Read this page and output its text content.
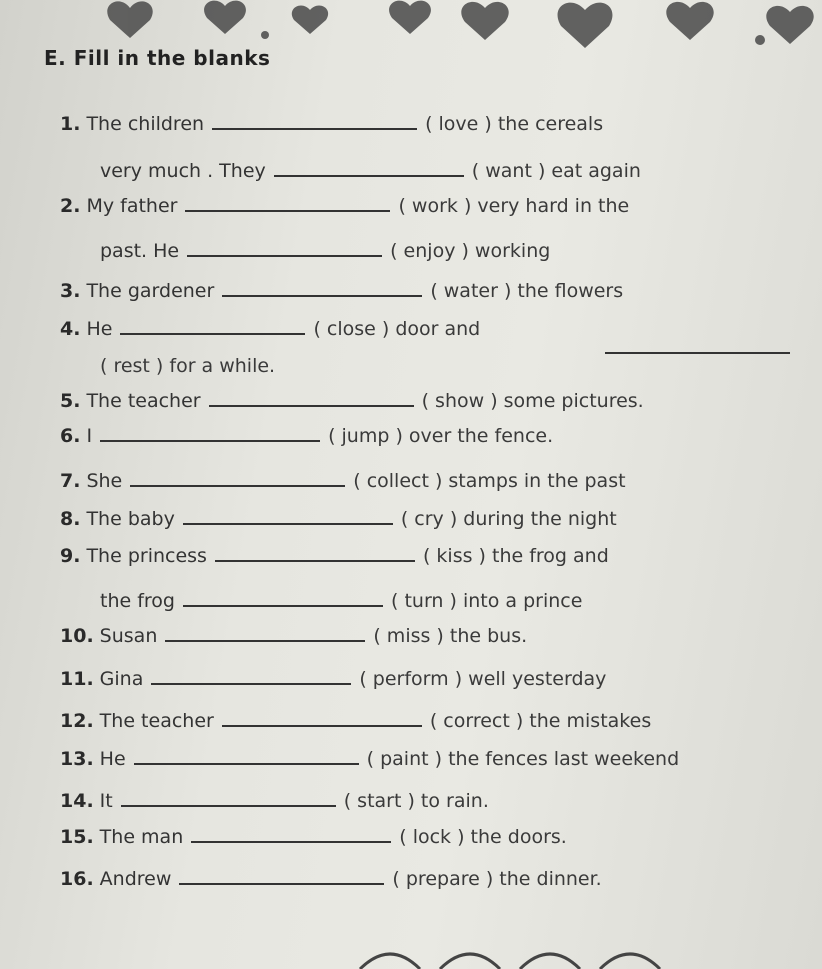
E. Fill in the blanks
1. The children	( love ) the cereals
very much . They	( want ) eat again
2. My father	( work ) very hard in the
past. He	( enjoy ) working
3. The gardener	( water ) the flowers
4. He	( close ) door and
( rest ) for a while.
5. The teacher	( show ) some pictures.
6. I	( jump ) over the fence.
7. She	( collect ) stamps in the past
8. The baby	( cry ) during the night
9. The princess	( kiss ) the frog and
the frog	( turn ) into a prince
10. Susan	( miss ) the bus.
11. Gina	( perform ) well yesterday
12. The teacher	( correct ) the mistakes
13. He	( paint ) the fences last weekend
14. It	( start ) to rain.
15. The man	( lock ) the doors.
16. Andrew	( prepare ) the dinner.
